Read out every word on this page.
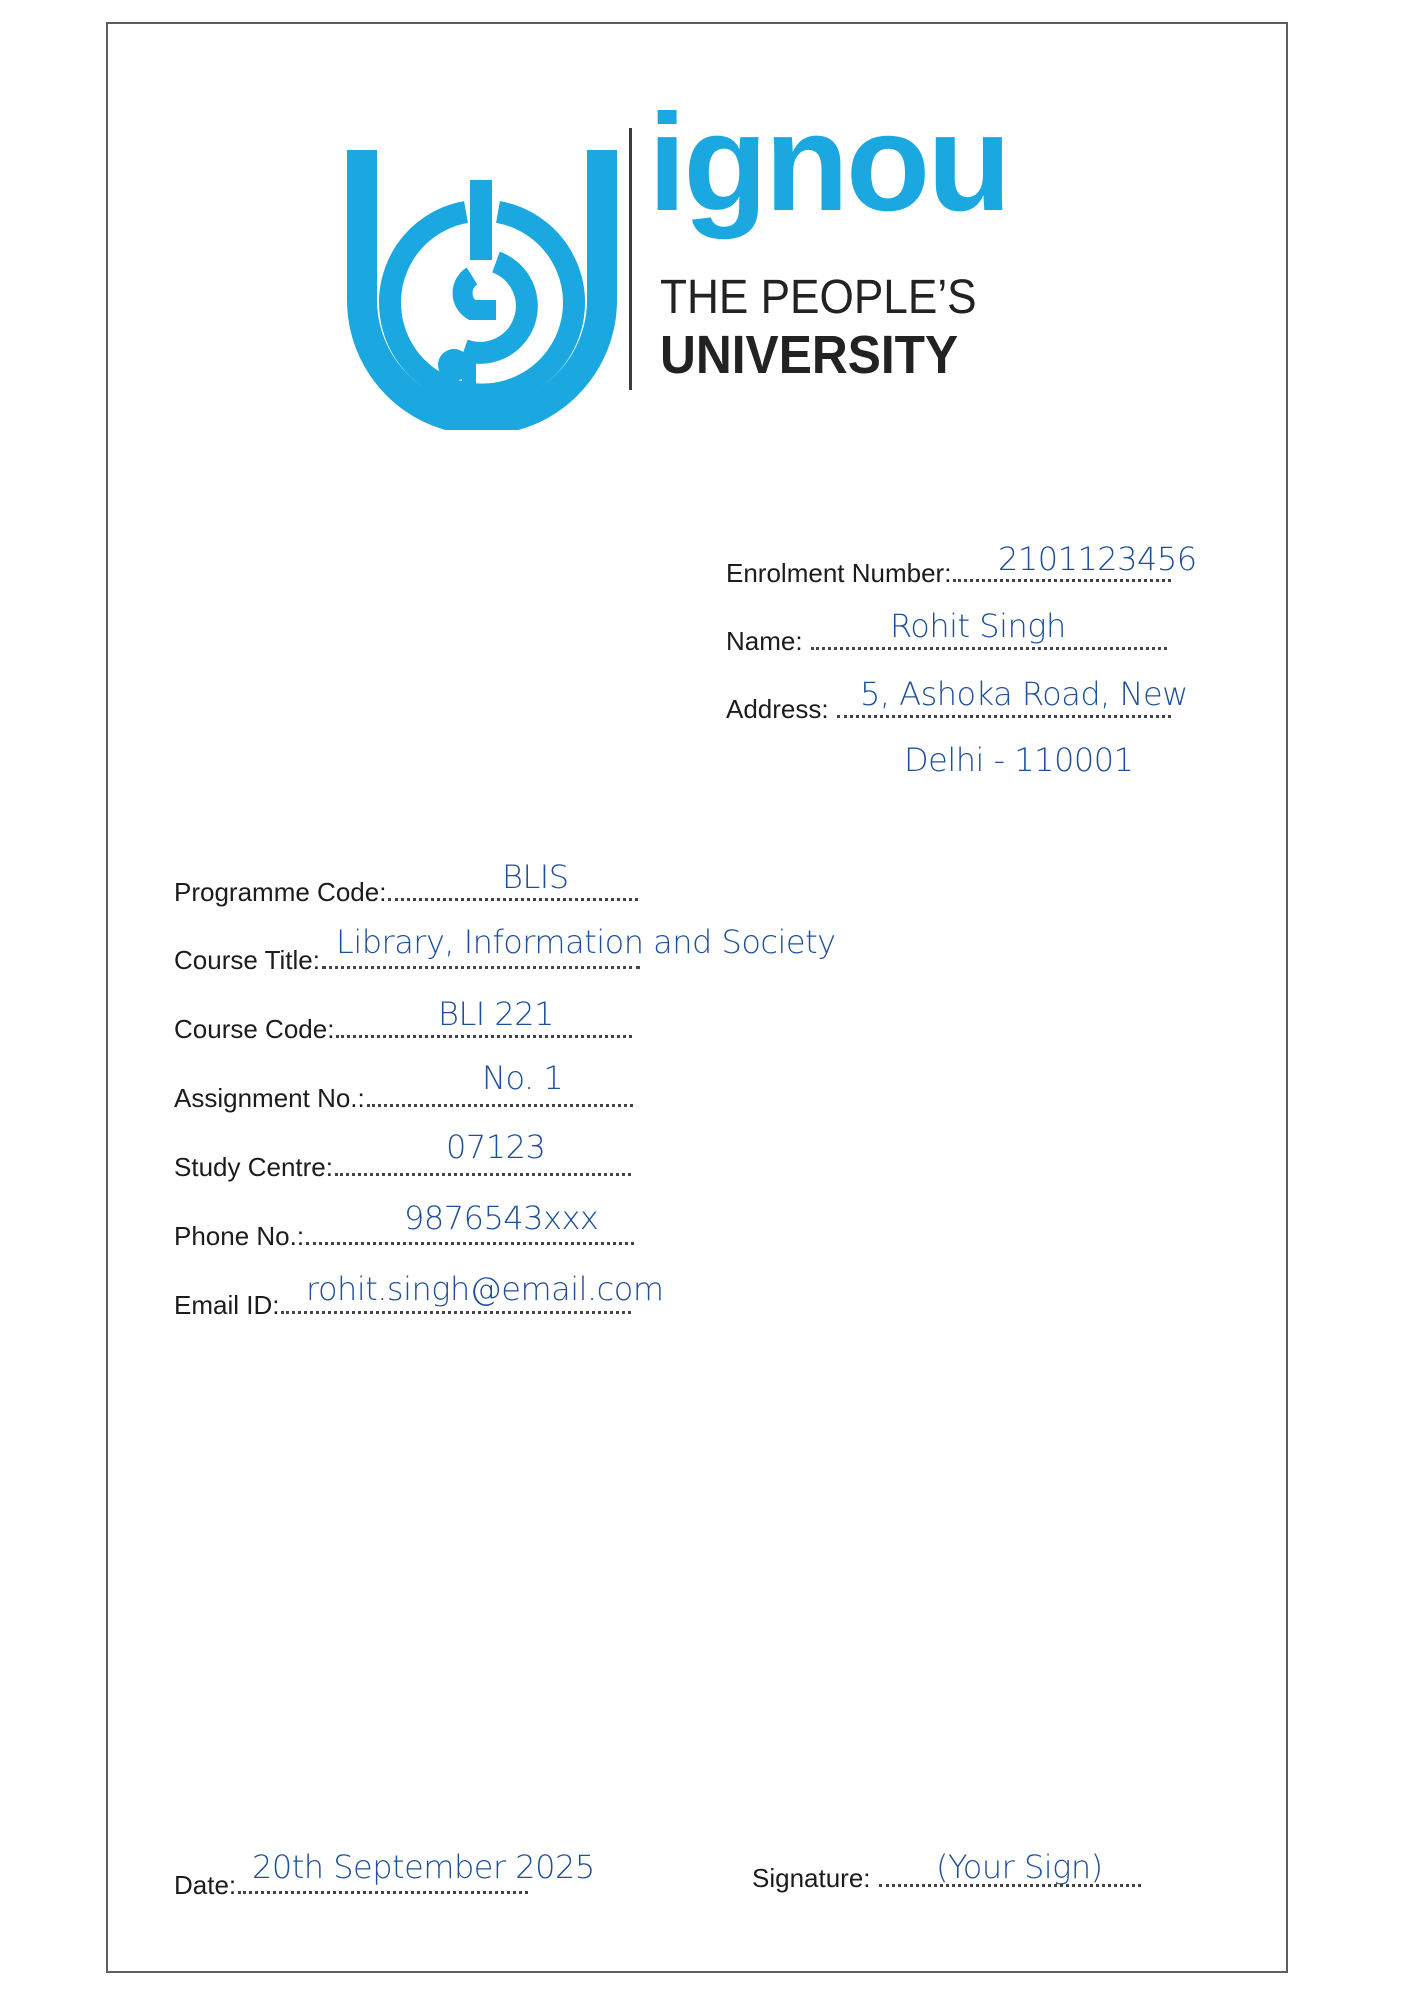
ignou
THE PEOPLE’S
UNIVERSITY
Enrolment Number:	2101123456
Name:	Rohit Singh
Address: 5, Ashoka Road, New
Delhi - 110001
Programme Code:	BLIS
Course Title: Library, Information and Society
Course Code:	BLI 221
Assignment No.:
No. 1
Study Centre:
07123
Phone No.:	9876543xxx
Email ID: rohit.singh@email.com
Date: 20th September 2025	Signature:	(Your Sign)
